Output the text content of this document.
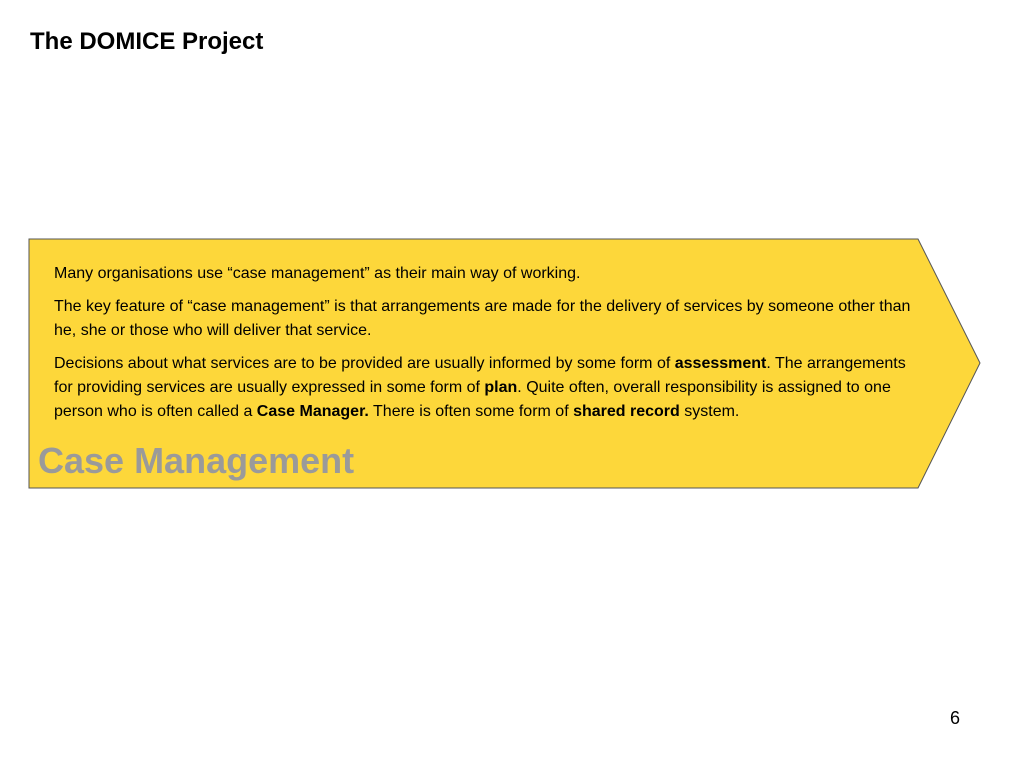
The DOMICE Project

Many organisations use “case management” as their main way of working.

The key feature of “case management” is that arrangements are made for the delivery of services by someone other than he, she or those who will deliver that service.

Decisions about what services are to be provided are usually informed by some form of assessment. The arrangements for providing services are usually expressed in some form of plan. Quite often, overall responsibility is assigned to one person who is often called a Case Manager. There is often some form of shared record system.

Case Management
6
